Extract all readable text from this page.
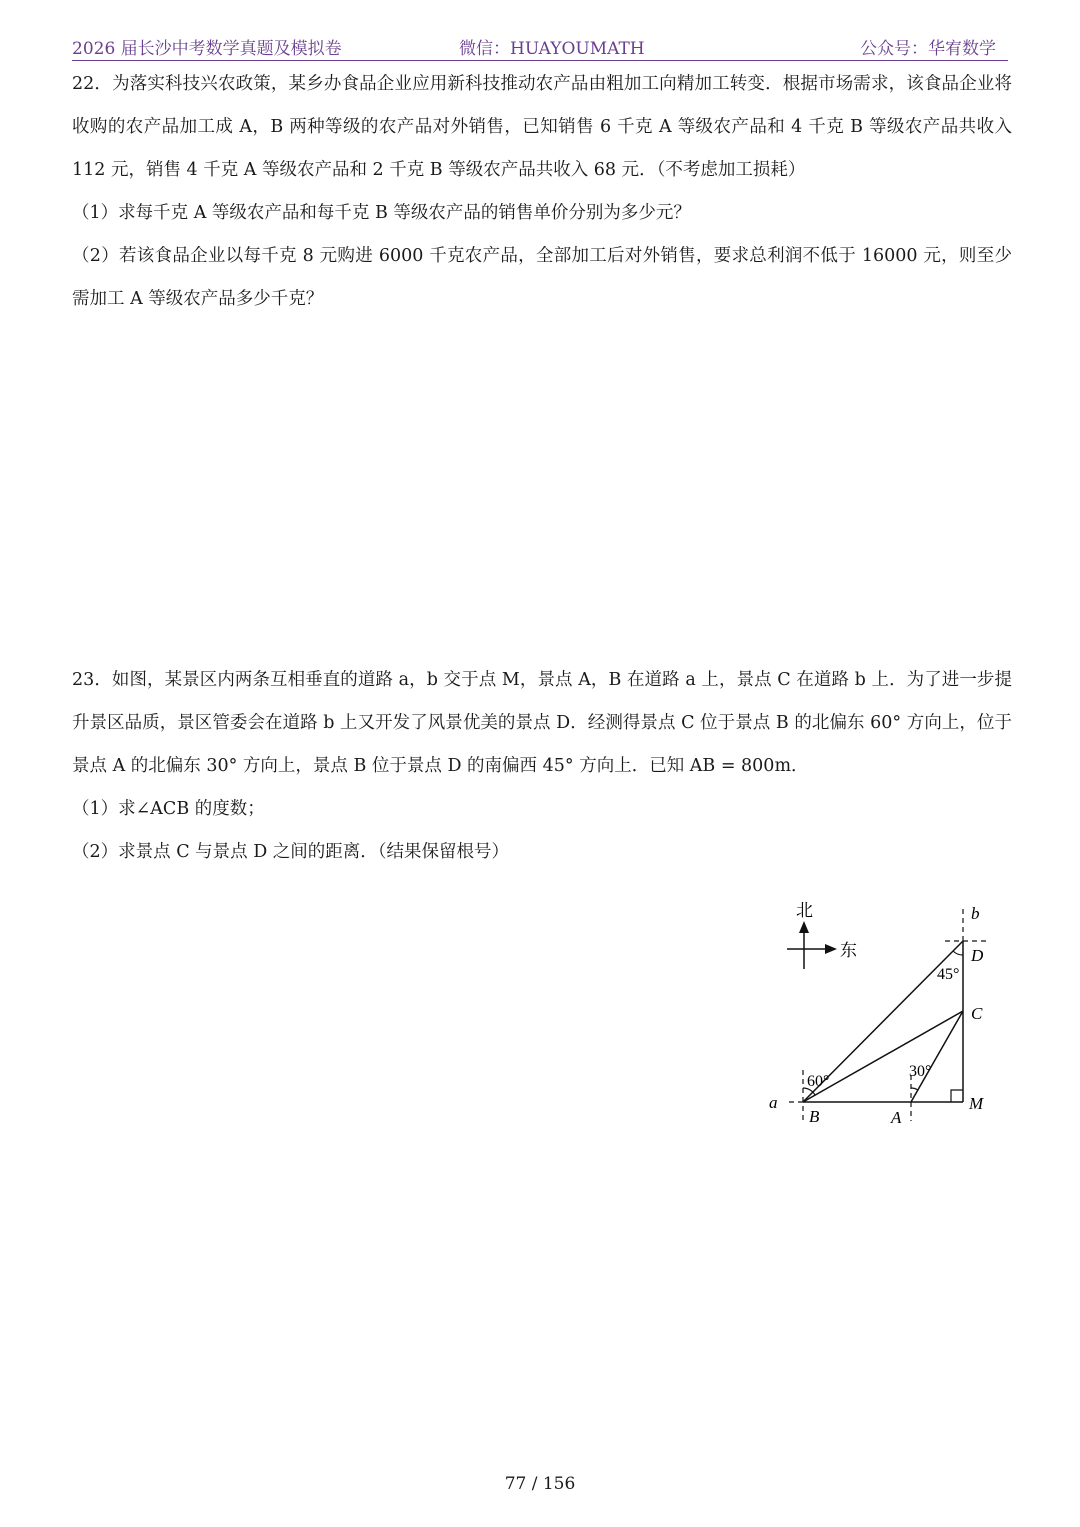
2026 届长沙中考数学真题及模拟卷	微信：HUAYOUMATH	公众号：华宥数学
22．为落实科技兴农政策，某乡办食品企业应用新科技推动农产品由粗加工向精加工转变．根据市场需求，该食品企业将收购的农产品加工成 A，B 两种等级的农产品对外销售，已知销售 6 千克 A 等级农产品和 4 千克 B 等级农产品共收入 112 元，销售 4 千克 A 等级农产品和 2 千克 B 等级农产品共收入 68 元．（不考虑加工损耗）
（1）求每千克 A 等级农产品和每千克 B 等级农产品的销售单价分别为多少元？
（2）若该食品企业以每千克 8 元购进 6000 千克农产品，全部加工后对外销售，要求总利润不低于 16000 元，则至少需加工 A 等级农产品多少千克？
23．如图，某景区内两条互相垂直的道路 a，b 交于点 M，景点 A，B 在道路 a 上，景点 C 在道路 b 上．为了进一步提升景区品质，景区管委会在道路 b 上又开发了风景优美的景点 D．经测得景点 C 位于景点 B 的北偏东 60° 方向上，位于景点 A 的北偏东 30° 方向上，景点 B 位于景点 D 的南偏西 45° 方向上．已知 AB = 800m．
（1）求∠ACB 的度数；
（2）求景点 C 与景点 D 之间的距离．（结果保留根号）
北
东
a
b
B	A
M
C
D
60°
30°
45°
77 / 156
